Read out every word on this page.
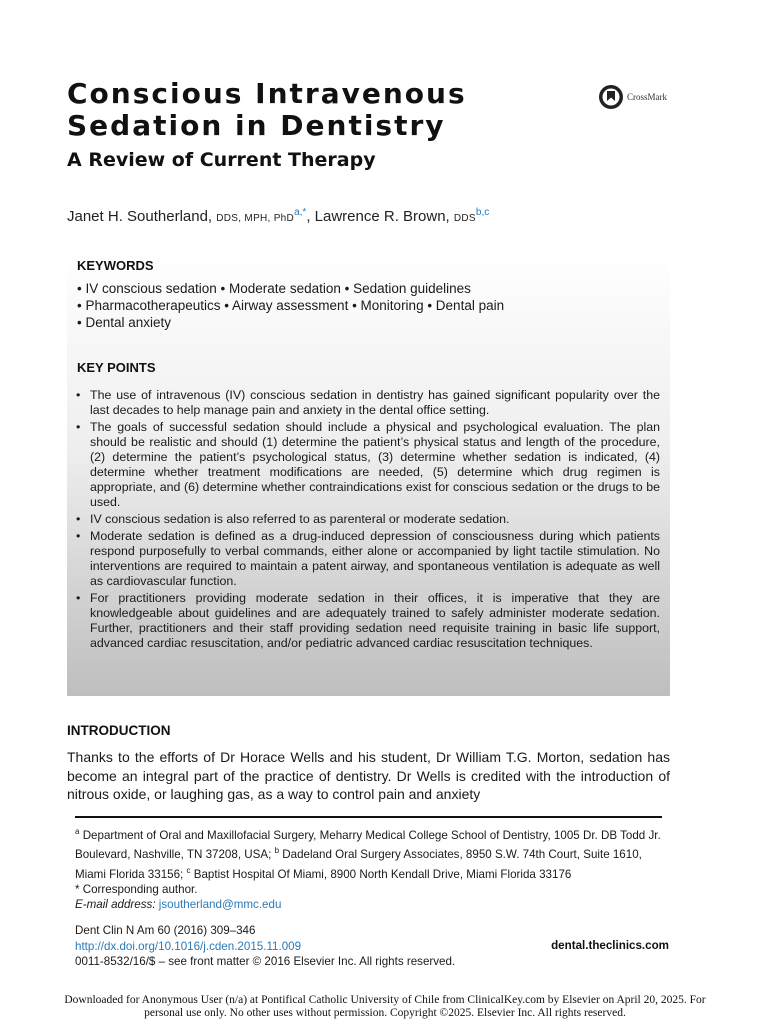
Conscious Intravenous
Sedation in Dentistry
A Review of Current Therapy
CrossMark
Janet H. Southerland, DDS, MPH, PhD$^{a,*}$, Lawrence R. Brown, DDS$^{b,c}$
KEYWORDS
• IV conscious sedation • Moderate sedation • Sedation guidelines
• Pharmacotherapeutics • Airway assessment • Monitoring • Dental pain
• Dental anxiety
KEY POINTS
• The use of intravenous (IV) conscious sedation in dentistry has gained significant popularity over the last decades to help manage pain and anxiety in the dental office setting.
• The goals of successful sedation should include a physical and psychological evaluation. The plan should be realistic and should (1) determine the patient’s physical status and length of the procedure, (2) determine the patient’s psychological status, (3) determine whether sedation is indicated, (4) determine whether treatment modifications are needed, (5) determine which drug regimen is appropriate, and (6) determine whether contraindications exist for conscious sedation or the drugs to be used.
• IV conscious sedation is also referred to as parenteral or moderate sedation.
• Moderate sedation is defined as a drug-induced depression of consciousness during which patients respond purposefully to verbal commands, either alone or accompanied by light tactile stimulation. No interventions are required to maintain a patent airway, and spontaneous ventilation is adequate as well as cardiovascular function.
• For practitioners providing moderate sedation in their offices, it is imperative that they are knowledgeable about guidelines and are adequately trained to safely administer moderate sedation. Further, practitioners and their staff providing sedation need requisite training in basic life support, advanced cardiac resuscitation, and/or pediatric advanced cardiac resuscitation techniques.
INTRODUCTION

Thanks to the efforts of Dr Horace Wells and his student, Dr William T.G. Morton, sedation has become an integral part of the practice of dentistry. Dr Wells is credited with the introduction of nitrous oxide, or laughing gas, as a way to control pain and anxiety

$^a$ Department of Oral and Maxillofacial Surgery, Meharry Medical College School of Dentistry, 1005 Dr. DB Todd Jr. Boulevard, Nashville, TN 37208, USA; $^b$ Dadeland Oral Surgery Associates, 8950 S.W. 74th Court, Suite 1610, Miami Florida 33156; $^c$ Baptist Hospital Of Miami, 8900 North Kendall Drive, Miami Florida 33176
* Corresponding author.

E-mail address: jsoutherland@mmc.edu
Dent Clin N Am 60 (2016) 309–346
http://dx.doi.org/10.1016/j.cden.2015.11.009
0011-8532/16/$ – see front matter © 2016 Elsevier Inc. All rights reserved.
dental.theclinics.com

Downloaded for Anonymous User (n/a) at Pontifical Catholic University of Chile from ClinicalKey.com by Elsevier on April 20, 2025. For personal use only. No other uses without permission. Copyright ©2025. Elsevier Inc. All rights reserved.
